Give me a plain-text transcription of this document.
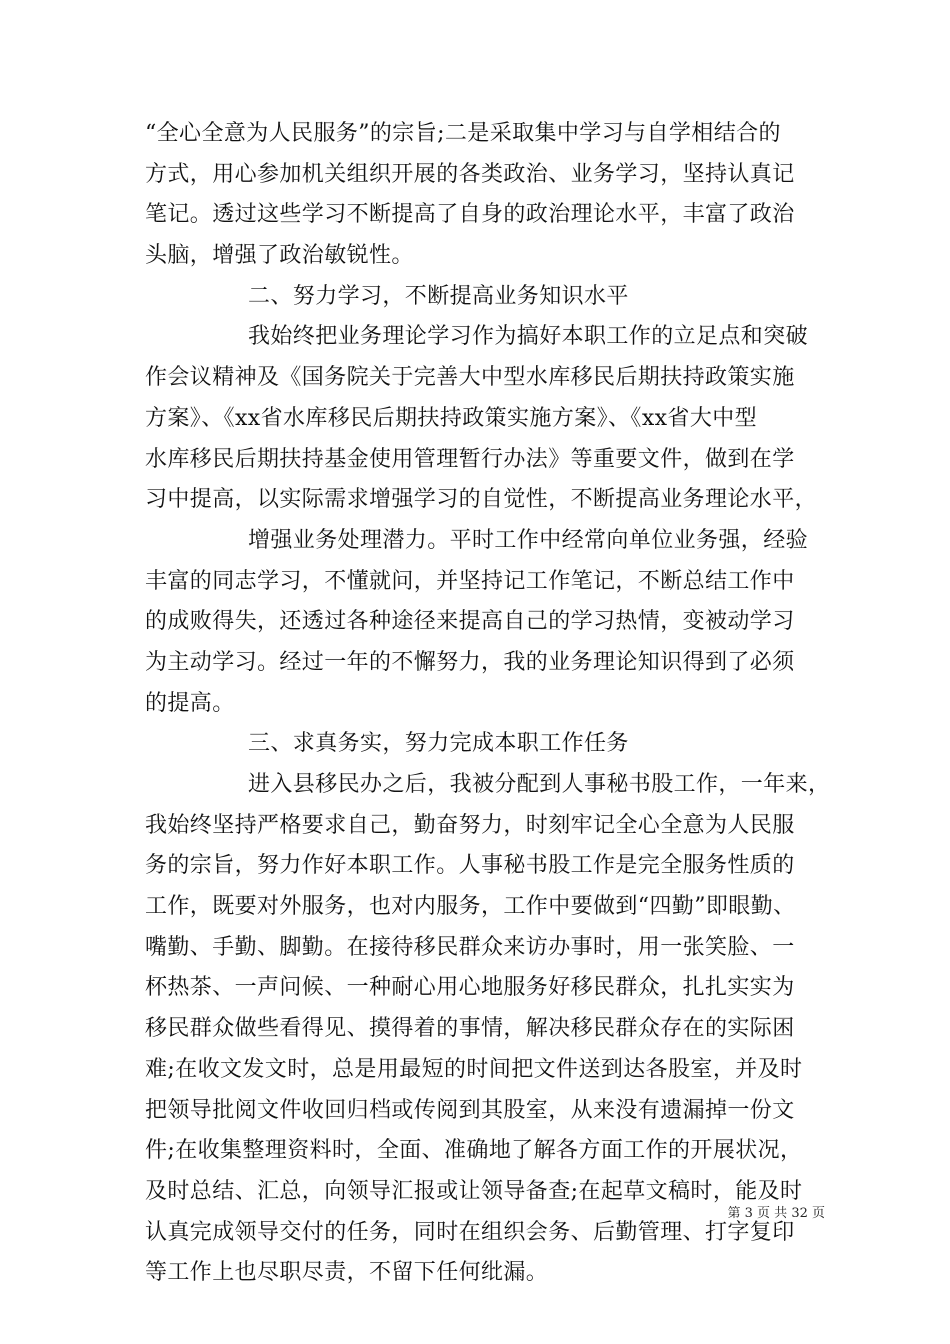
“全心全意为人民服务”的宗旨;二是采取集中学习与自学相结合的
方式，用心参加机关组织开展的各类政治、业务学习，坚持认真记
笔记。透过这些学习不断提高了自身的政治理论水平，丰富了政治
头脑，增强了政治敏锐性。
二、努力学习，不断提高业务知识水平
我始终把业务理论学习作为搞好本职工作的立足点和突破
作会议精神及《国务院关于完善大中型水库移民后期扶持政策实施
方案》、《xx省水库移民后期扶持政策实施方案》、《xx省大中型
水库移民后期扶持基金使用管理暂行办法》等重要文件，做到在学
习中提高，以实际需求增强学习的自觉性，不断提高业务理论水平，
增强业务处理潜力。平时工作中经常向单位业务强，经验
丰富的同志学习，不懂就问，并坚持记工作笔记，不断总结工作中
的成败得失，还透过各种途径来提高自己的学习热情，变被动学习
为主动学习。经过一年的不懈努力，我的业务理论知识得到了必须
的提高。
三、求真务实，努力完成本职工作任务
进入县移民办之后，我被分配到人事秘书股工作，一年来，
我始终坚持严格要求自己，勤奋努力，时刻牢记全心全意为人民服
务的宗旨，努力作好本职工作。人事秘书股工作是完全服务性质的
工作，既要对外服务，也对内服务，工作中要做到“四勤”即眼勤、
嘴勤、手勤、脚勤。在接待移民群众来访办事时，用一张笑脸、一
杯热茶、一声问候、一种耐心用心地服务好移民群众，扎扎实实为
移民群众做些看得见、摸得着的事情，解决移民群众存在的实际困
难;在收文发文时，总是用最短的时间把文件送到达各股室，并及时
把领导批阅文件收回归档或传阅到其股室，从来没有遗漏掉一份文
件;在收集整理资料时，全面、准确地了解各方面工作的开展状况，
及时总结、汇总，向领导汇报或让领导备查;在起草文稿时，能及时
认真完成领导交付的任务，同时在组织会务、后勤管理、打字复印
等工作上也尽职尽责，不留下任何纰漏。
第 3 页 共 32 页
